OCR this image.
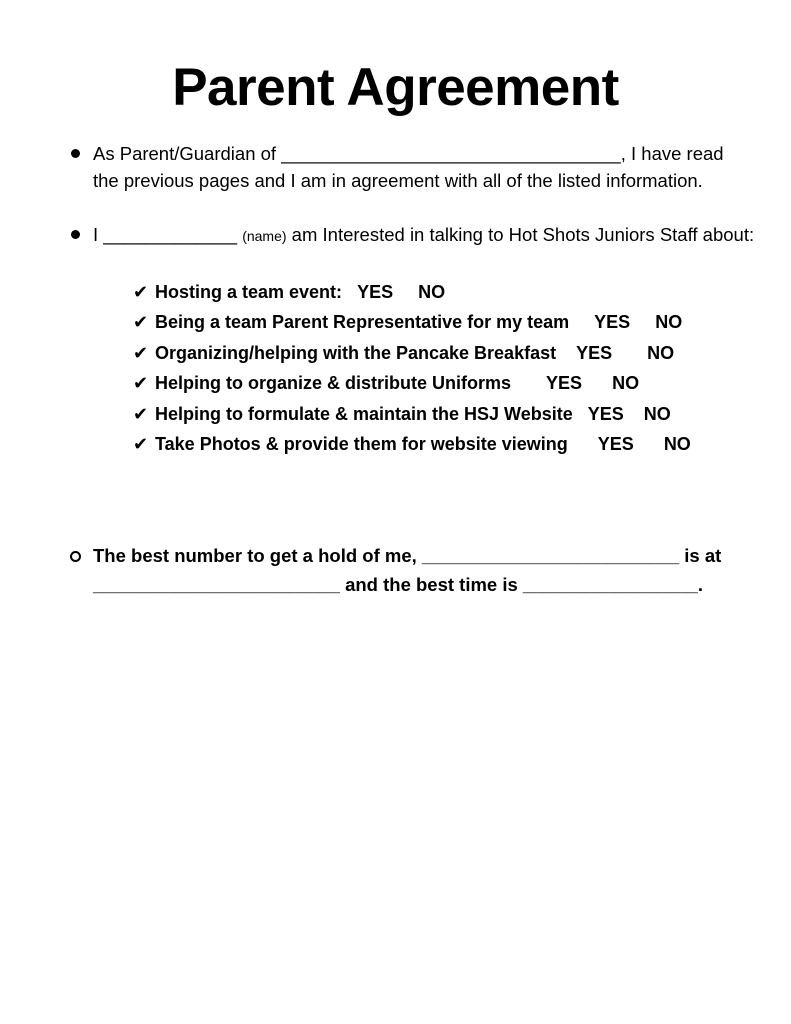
Parent Agreement
As Parent/Guardian of _________________________________, I have read
the previous pages and I am in agreement with all of the listed information.
I _____________ (name) am Interested in talking to Hot Shots Juniors Staff about:
✔ Hosting a team event: YES NO
✔ Being a team Parent Representative for my team YES NO
✔ Organizing/helping with the Pancake Breakfast YES NO
✔ Helping to organize & distribute Uniforms YES NO
✔ Helping to formulate & maintain the HSJ Website YES NO
✔ Take Photos & provide them for website viewing YES NO
The best number to get a hold of me, _________________________ is at
________________________ and the best time is _________________.
